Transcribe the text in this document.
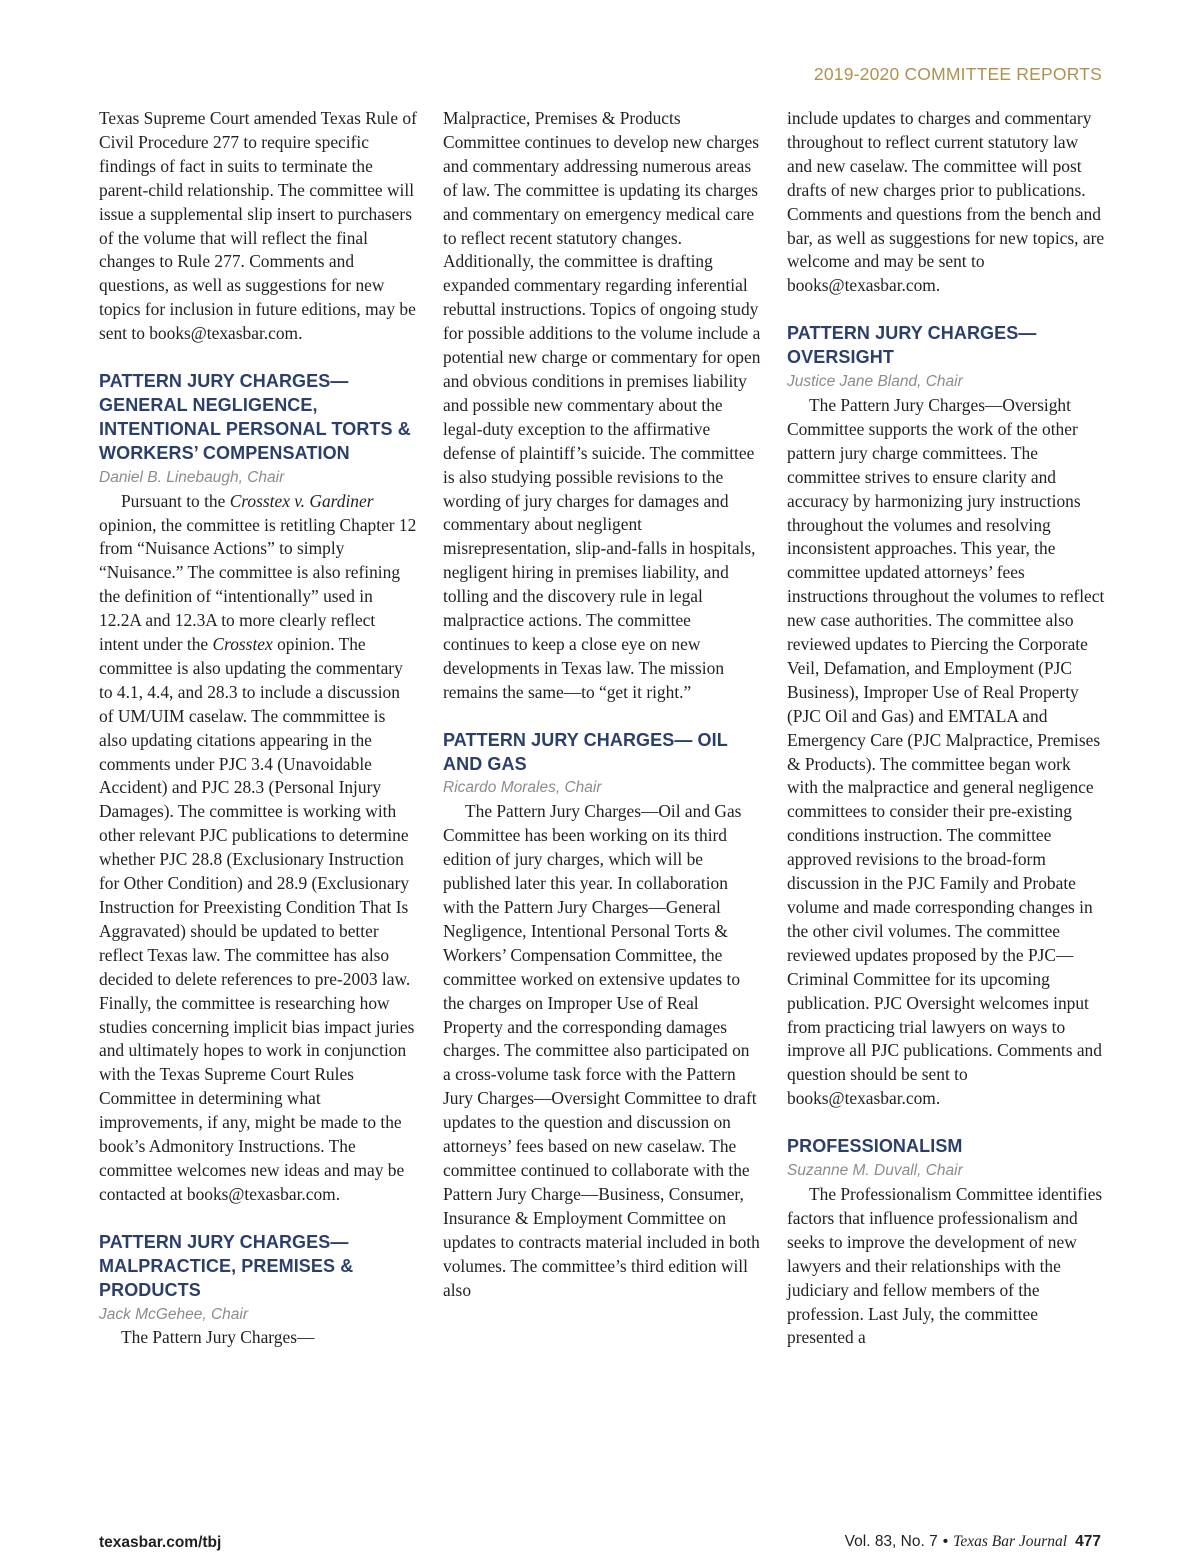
2019-2020 COMMITTEE REPORTS

Texas Supreme Court amended Texas Rule of Civil Procedure 277 to require specific findings of fact in suits to terminate the parent-child relationship. The committee will issue a supplemental slip insert to purchasers of the volume that will reflect the final changes to Rule 277. Comments and questions, as well as suggestions for new topics for inclusion in future editions, may be sent to books@texasbar.com.

PATTERN JURY CHARGES— GENERAL NEGLIGENCE, INTENTIONAL PERSONAL TORTS & WORKERS’ COMPENSATION

Daniel B. Linebaugh, Chair

Pursuant to the Crosstex v. Gardiner opinion, the committee is retitling Chapter 12 from “Nuisance Actions” to simply “Nuisance.” The committee is also refining the definition of “intentionally” used in 12.2A and 12.3A to more clearly reflect intent under the Crosstex opinion. The committee is also updating the commentary to 4.1, 4.4, and 28.3 to include a discussion of UM/UIM caselaw. The commmittee is also updating citations appearing in the comments under PJC 3.4 (Unavoidable Accident) and PJC 28.3 (Personal Injury Damages). The committee is working with other relevant PJC publications to determine whether PJC 28.8 (Exclusionary Instruction for Other Condition) and 28.9 (Exclusionary Instruction for Preexisting Condition That Is Aggravated) should be updated to better reflect Texas law. The committee has also decided to delete references to pre-2003 law. Finally, the committee is researching how studies concerning implicit bias impact juries and ultimately hopes to work in conjunction with the Texas Supreme Court Rules Committee in determining what improvements, if any, might be made to the book’s Admonitory Instructions. The committee welcomes new ideas and may be contacted at books@texasbar.com.

PATTERN JURY CHARGES— MALPRACTICE, PREMISES & PRODUCTS

Jack McGehee, Chair

The Pattern Jury Charges—

Malpractice, Premises & Products Committee continues to develop new charges and commentary addressing numerous areas of law. The committee is updating its charges and commentary on emergency medical care to reflect recent statutory changes. Additionally, the committee is drafting expanded commentary regarding inferential rebuttal instructions. Topics of ongoing study for possible additions to the volume include a potential new charge or commentary for open and obvious conditions in premises liability and possible new commentary about the legal-duty exception to the affirmative defense of plaintiff’s suicide. The committee is also studying possible revisions to the wording of jury charges for damages and commentary about negligent misrepresentation, slip-and-falls in hospitals, negligent hiring in premises liability, and tolling and the discovery rule in legal malpractice actions. The committee continues to keep a close eye on new developments in Texas law. The mission remains the same—to “get it right.”

PATTERN JURY CHARGES— OIL AND GAS

Ricardo Morales, Chair

The Pattern Jury Charges—Oil and Gas Committee has been working on its third edition of jury charges, which will be published later this year. In collaboration with the Pattern Jury Charges—General Negligence, Intentional Personal Torts & Workers’ Compensation Committee, the committee worked on extensive updates to the charges on Improper Use of Real Property and the corresponding damages charges. The committee also participated on a cross-volume task force with the Pattern Jury Charges—Oversight Committee to draft updates to the question and discussion on attorneys’ fees based on new caselaw. The committee continued to collaborate with the Pattern Jury Charge—Business, Consumer, Insurance & Employment Committee on updates to contracts material included in both volumes. The committee’s third edition will also

include updates to charges and commentary throughout to reflect current statutory law and new caselaw. The committee will post drafts of new charges prior to publications. Comments and questions from the bench and bar, as well as suggestions for new topics, are welcome and may be sent to books@texasbar.com.

PATTERN JURY CHARGES— OVERSIGHT

Justice Jane Bland, Chair

The Pattern Jury Charges—Oversight Committee supports the work of the other pattern jury charge committees. The committee strives to ensure clarity and accuracy by harmonizing jury instructions throughout the volumes and resolving inconsistent approaches. This year, the committee updated attorneys’ fees instructions throughout the volumes to reflect new case authorities. The committee also reviewed updates to Piercing the Corporate Veil, Defamation, and Employment (PJC Business), Improper Use of Real Property (PJC Oil and Gas) and EMTALA and Emergency Care (PJC Malpractice, Premises & Products). The committee began work with the malpractice and general negligence committees to consider their pre-existing conditions instruction. The committee approved revisions to the broad-form discussion in the PJC Family and Probate volume and made corresponding changes in the other civil volumes. The committee reviewed updates proposed by the PJC—Criminal Committee for its upcoming publication. PJC Oversight welcomes input from practicing trial lawyers on ways to improve all PJC publications. Comments and question should be sent to books@texasbar.com.

PROFESSIONALISM

Suzanne M. Duvall, Chair

The Professionalism Committee identifies factors that influence professionalism and seeks to improve the development of new lawyers and their relationships with the judiciary and fellow members of the profession. Last July, the committee presented a

texasbar.com/tbj	Vol. 83, No. 7 • Texas Bar Journal 477
